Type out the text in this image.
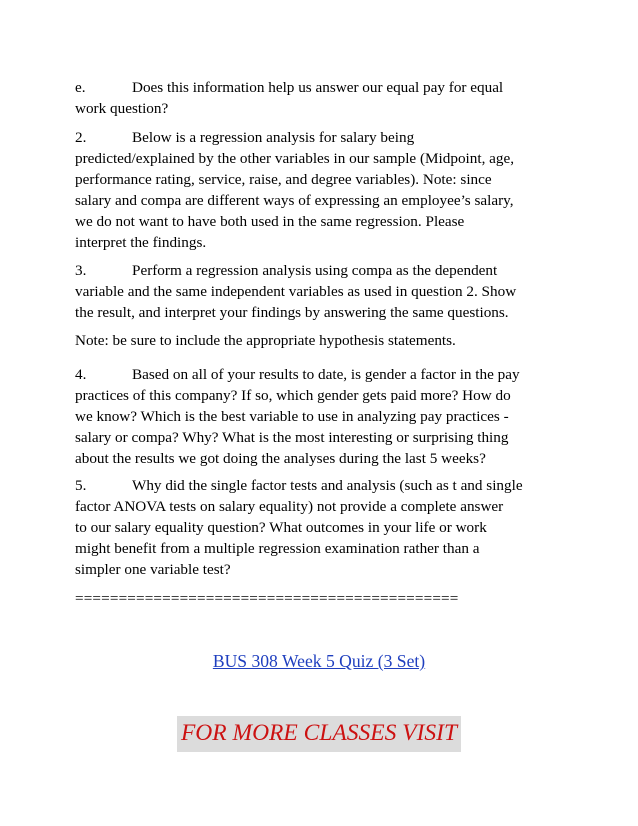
e.	Does this information help us answer our equal pay for equal
work question?

2.	Below is a regression analysis for salary being
predicted/explained by the other variables in our sample (Midpoint, age,
performance rating, service, raise, and degree variables). Note: since
salary and compa are different ways of expressing an employee’s salary,
we do not want to have both used in the same regression. Please
interpret the findings.

3.	Perform a regression analysis using compa as the dependent
variable and the same independent variables as used in question 2. Show
the result, and interpret your findings by answering the same questions.

Note: be sure to include the appropriate hypothesis statements.

4.	Based on all of your results to date, is gender a factor in the pay
practices of this company? If so, which gender gets paid more? How do
we know? Which is the best variable to use in analyzing pay practices -
salary or compa? Why? What is the most interesting or surprising thing
about the results we got doing the analyses during the last 5 weeks?

5.	Why did the single factor tests and analysis (such as t and single
factor ANOVA tests on salary equality) not provide a complete answer
to our salary equality question? What outcomes in your life or work
might benefit from a multiple regression examination rather than a
simpler one variable test?

============================================
BUS 308 Week 5 Quiz (3 Set)
FOR MORE CLASSES VISIT
